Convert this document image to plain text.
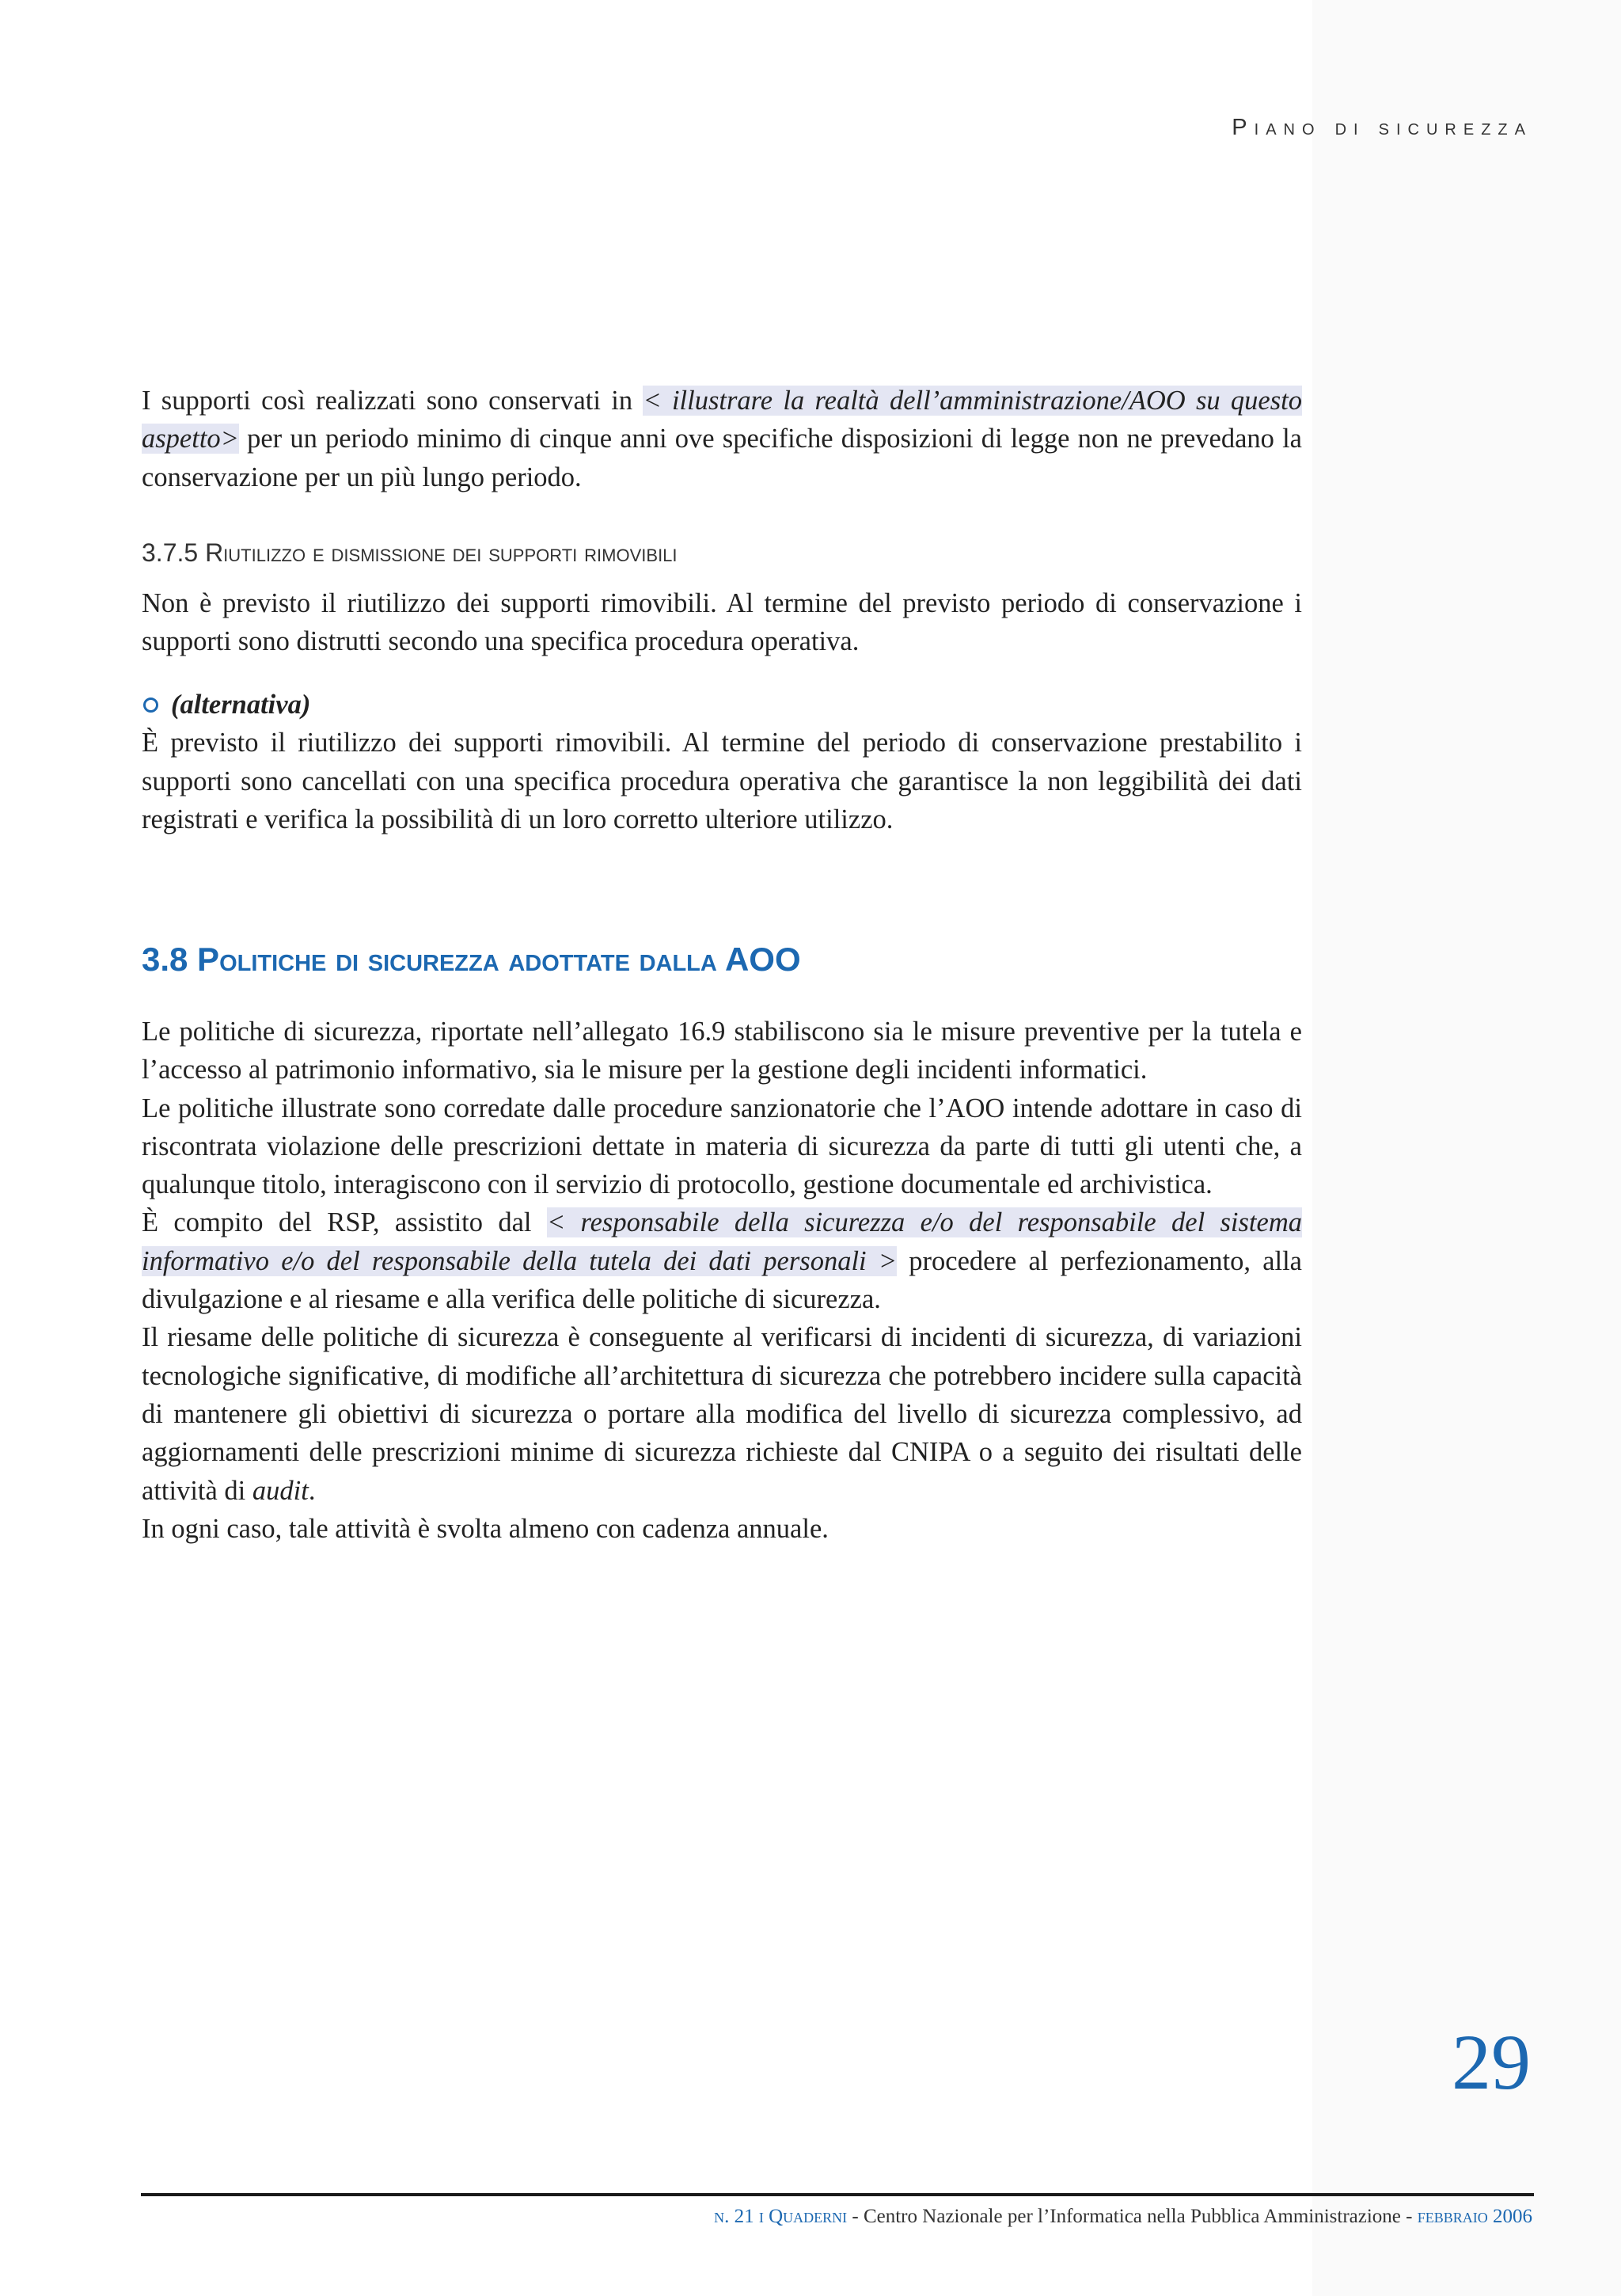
Piano di sicurezza

I supporti così realizzati sono conservati in < illustrare la realtà dell’amministrazione/AOO su questo aspetto> per un periodo minimo di cinque anni ove specifiche disposizioni di legge non ne prevedano la conservazione per un più lungo periodo.

3.7.5 Riutilizzo e dismissione dei supporti rimovibili

Non è previsto il riutilizzo dei supporti rimovibili. Al termine del previsto periodo di conservazione i supporti sono distrutti secondo una specifica procedura operativa.

(alternativa)

È previsto il riutilizzo dei supporti rimovibili. Al termine del periodo di conservazione prestabilito i supporti sono cancellati con una specifica procedura operativa che garantisce la non leggibilità dei dati registrati e verifica la possibilità di un loro corretto ulteriore utilizzo.

3.8 Politiche di sicurezza adottate dalla AOO

Le politiche di sicurezza, riportate nell’allegato 16.9 stabiliscono sia le misure preventive per la tutela e l’accesso al patrimonio informativo, sia le misure per la gestione degli incidenti informatici.

Le politiche illustrate sono corredate dalle procedure sanzionatorie che l’AOO intende adottare in caso di riscontrata violazione delle prescrizioni dettate in materia di sicurezza da parte di tutti gli utenti che, a qualunque titolo, interagiscono con il servizio di protocollo, gestione documentale ed archivistica.

È compito del RSP, assistito dal < responsabile della sicurezza e/o del responsabile del sistema informativo e/o del responsabile della tutela dei dati personali > procedere al perfezionamento, alla divulgazione e al riesame e alla verifica delle politiche di sicurezza.

Il riesame delle politiche di sicurezza è conseguente al verificarsi di incidenti di sicurezza, di variazioni tecnologiche significative, di modifiche all’architettura di sicurezza che potrebbero incidere sulla capacità di mantenere gli obiettivi di sicurezza o portare alla modifica del livello di sicurezza complessivo, ad aggiornamenti delle prescrizioni minime di sicurezza richieste dal CNIPA o a seguito dei risultati delle attività di audit.

In ogni caso, tale attività è svolta almeno con cadenza annuale.

29
n. 21 i Quaderni - Centro Nazionale per l’Informatica nella Pubblica Amministrazione - febbraio 2006
